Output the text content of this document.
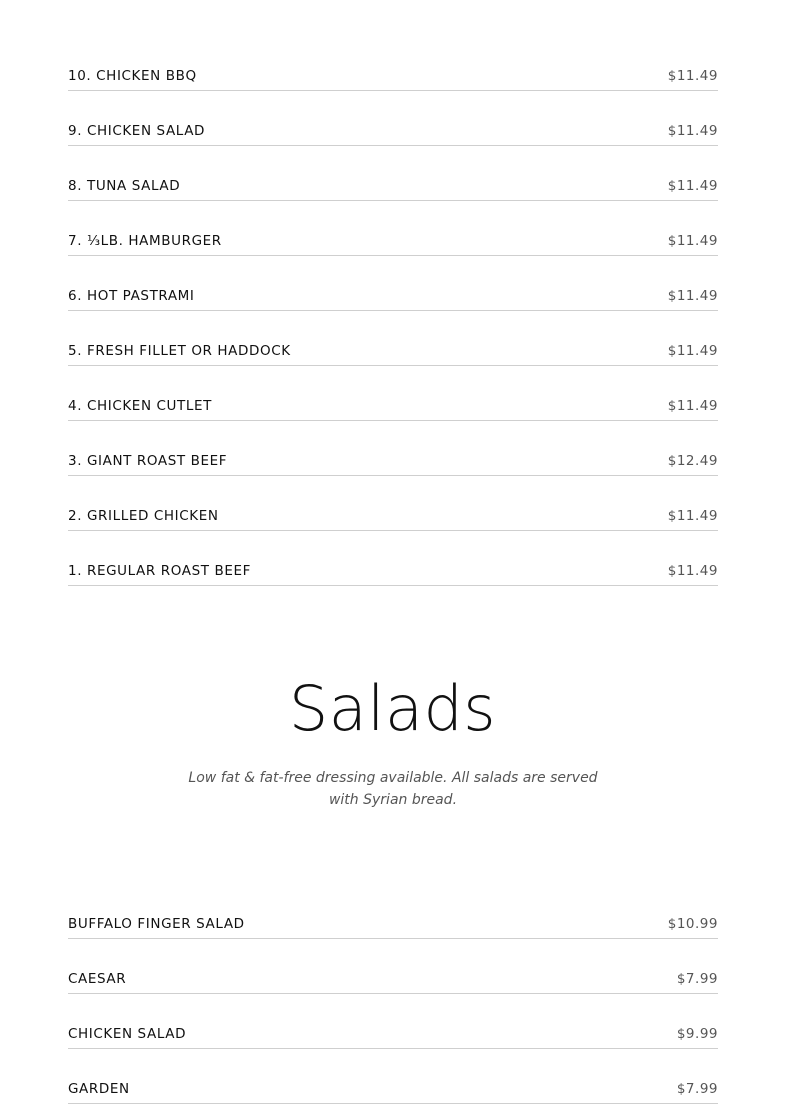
10. CHICKEN BBQ	$11.49
9. CHICKEN SALAD	$11.49
8. TUNA SALAD	$11.49
7. ⅓LB. HAMBURGER	$11.49
6. HOT PASTRAMI	$11.49
5. FRESH FILLET OR HADDOCK	$11.49
4. CHICKEN CUTLET	$11.49
3. GIANT ROAST BEEF	$12.49
2. GRILLED CHICKEN	$11.49
1. REGULAR ROAST BEEF	$11.49
Salads

Low fat & fat-free dressing available. All salads are served with Syrian bread.

BUFFALO FINGER SALAD	$10.99
CAESAR	$7.99
CHICKEN SALAD	$9.99
GARDEN	$7.99
